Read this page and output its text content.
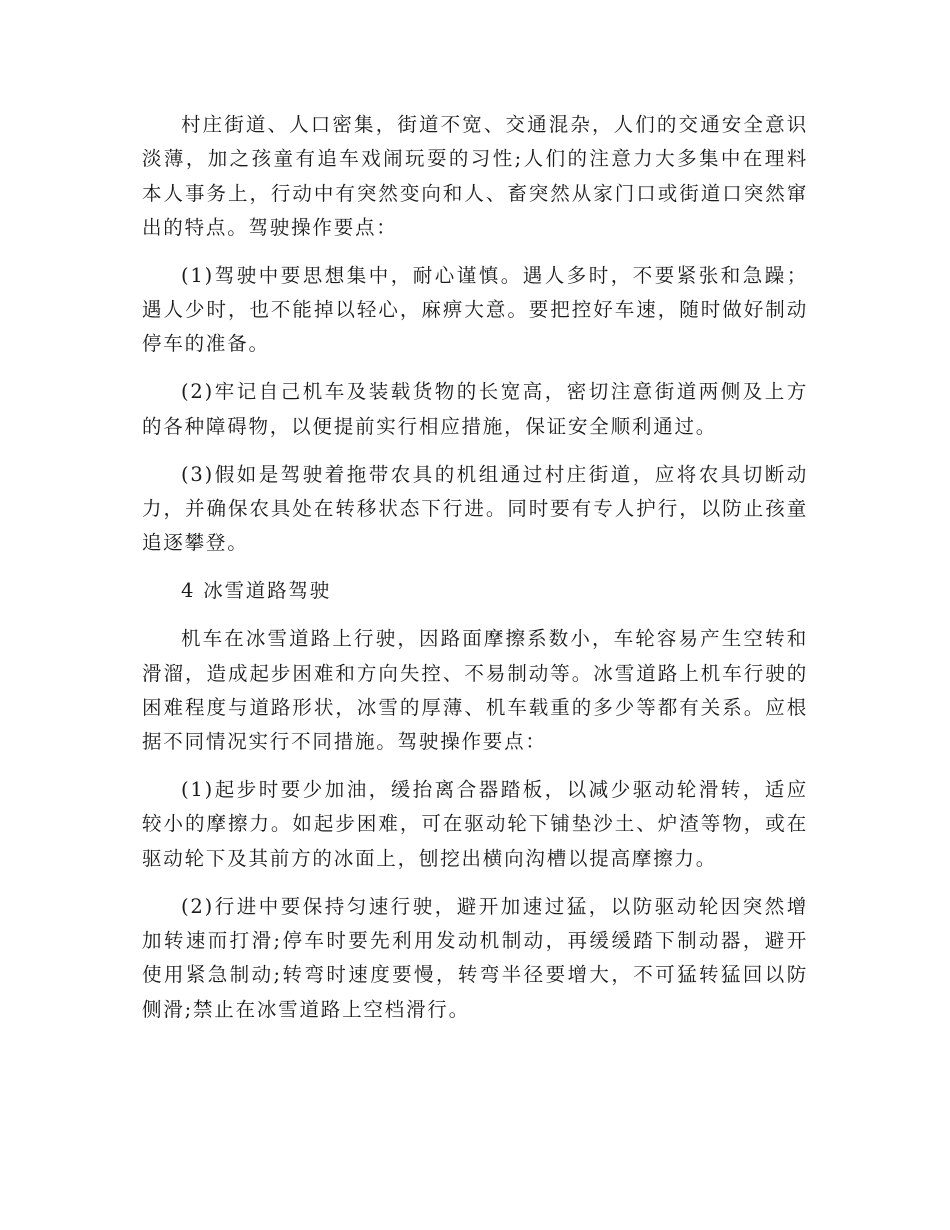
村庄街道、人口密集，街道不宽、交通混杂，人们的交通安全意识淡薄，加之孩童有追车戏闹玩耍的习性;人们的注意力大多集中在理料本人事务上，行动中有突然变向和人、畜突然从家门口或街道口突然窜出的特点。驾驶操作要点：

(1)驾驶中要思想集中，耐心谨慎。遇人多时，不要紧张和急躁；遇人少时，也不能掉以轻心，麻痹大意。要把控好车速，随时做好制动停车的准备。

(2)牢记自己机车及装载货物的长宽高，密切注意街道两侧及上方的各种障碍物，以便提前实行相应措施，保证安全顺利通过。

(3)假如是驾驶着拖带农具的机组通过村庄街道，应将农具切断动力，并确保农具处在转移状态下行进。同时要有专人护行，以防止孩童追逐攀登。

4 冰雪道路驾驶

机车在冰雪道路上行驶，因路面摩擦系数小，车轮容易产生空转和滑溜，造成起步困难和方向失控、不易制动等。冰雪道路上机车行驶的困难程度与道路形状，冰雪的厚薄、机车载重的多少等都有关系。应根据不同情况实行不同措施。驾驶操作要点：

(1)起步时要少加油，缓抬离合器踏板，以减少驱动轮滑转，适应较小的摩擦力。如起步困难，可在驱动轮下铺垫沙土、炉渣等物，或在驱动轮下及其前方的冰面上，刨挖出横向沟槽以提高摩擦力。

(2)行进中要保持匀速行驶，避开加速过猛，以防驱动轮因突然增加转速而打滑;停车时要先利用发动机制动，再缓缓踏下制动器，避开使用紧急制动;转弯时速度要慢，转弯半径要增大，不可猛转猛回以防侧滑;禁止在冰雪道路上空档滑行。
